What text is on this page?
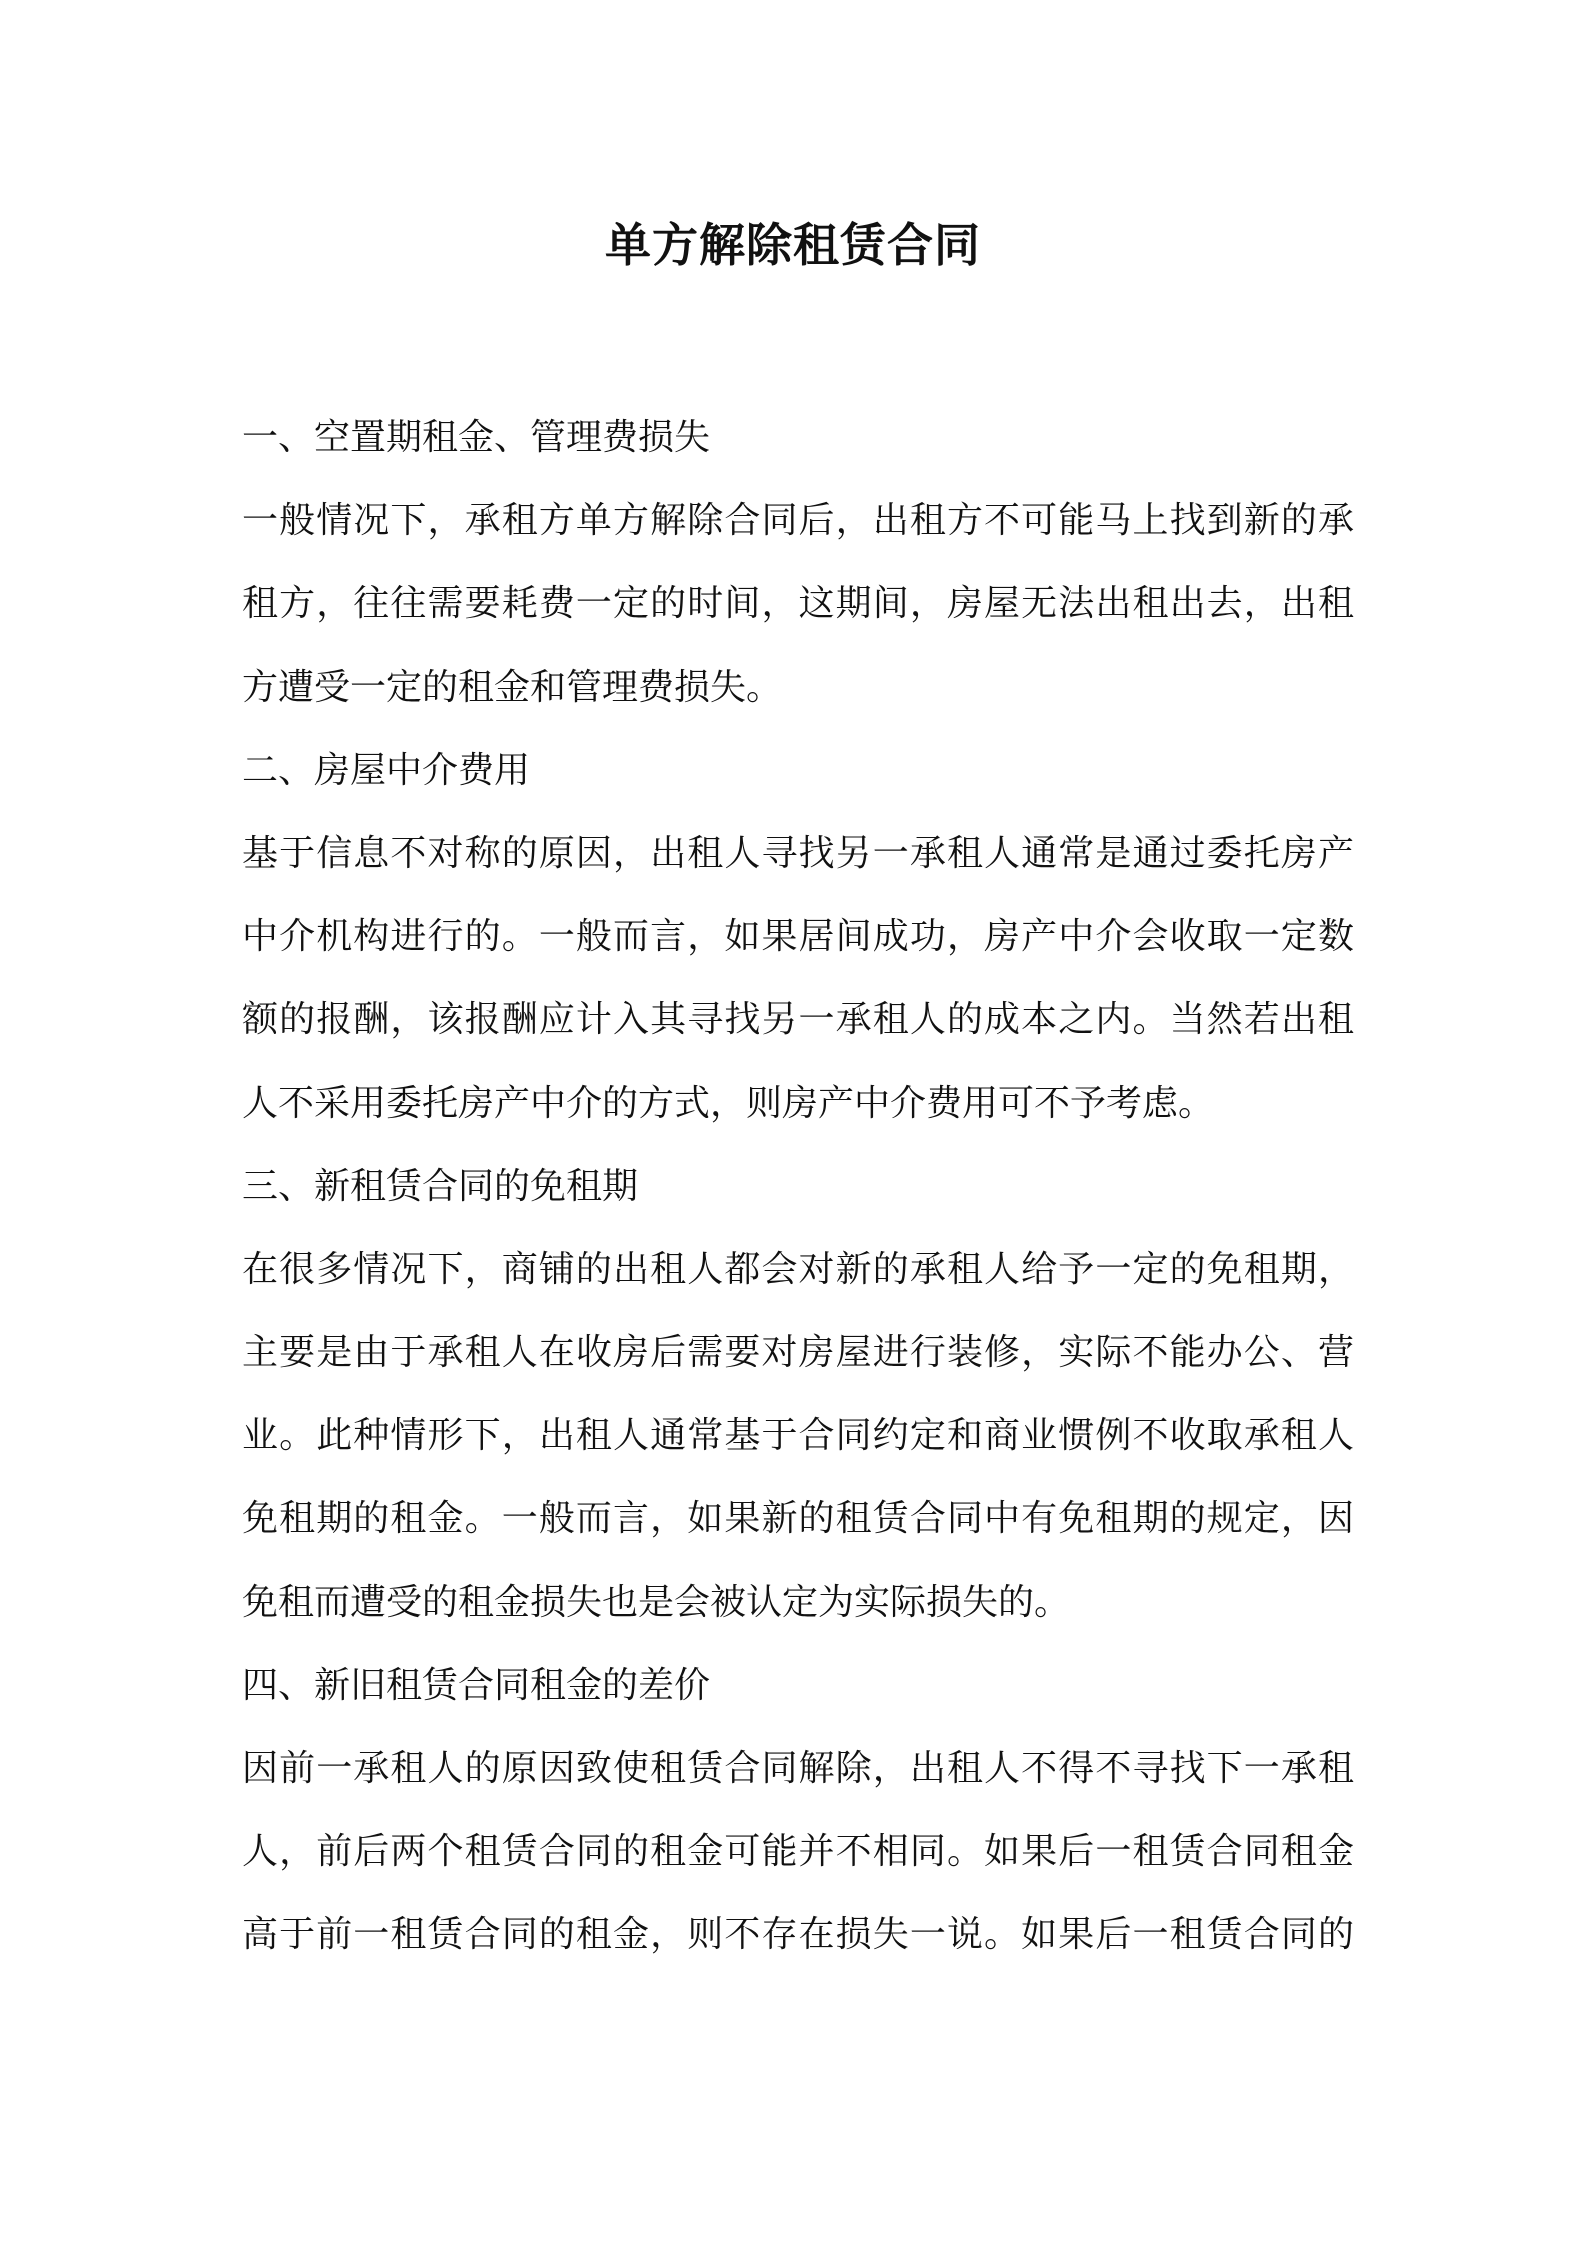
单方解除租赁合同
一、空置期租金、管理费损失
一般情况下，承租方单方解除合同后，出租方不可能马上找到新的承
租方，往往需要耗费一定的时间，这期间，房屋无法出租出去，出租
方遭受一定的租金和管理费损失。
二、房屋中介费用
基于信息不对称的原因，出租人寻找另一承租人通常是通过委托房产
中介机构进行的。一般而言，如果居间成功，房产中介会收取一定数
额的报酬，该报酬应计入其寻找另一承租人的成本之内。当然若出租
人不采用委托房产中介的方式，则房产中介费用可不予考虑。
三、新租赁合同的免租期
在很多情况下，商铺的出租人都会对新的承租人给予一定的免租期，
主要是由于承租人在收房后需要对房屋进行装修，实际不能办公、营
业。此种情形下，出租人通常基于合同约定和商业惯例不收取承租人
免租期的租金。一般而言，如果新的租赁合同中有免租期的规定，因
免租而遭受的租金损失也是会被认定为实际损失的。
四、新旧租赁合同租金的差价
因前一承租人的原因致使租赁合同解除，出租人不得不寻找下一承租
人，前后两个租赁合同的租金可能并不相同。如果后一租赁合同租金
高于前一租赁合同的租金，则不存在损失一说。如果后一租赁合同的
